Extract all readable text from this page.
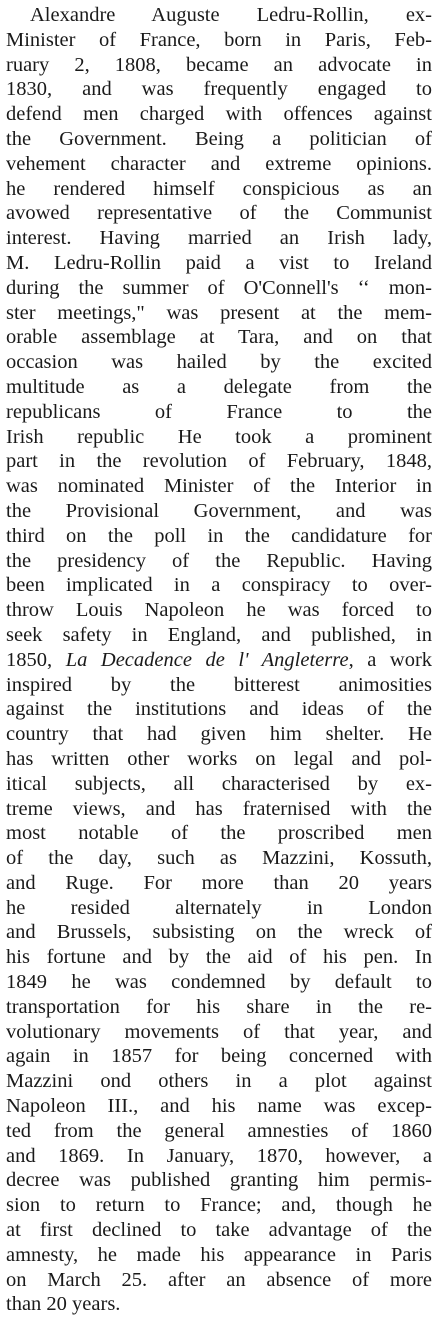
Alexandre Auguste Ledru-Rollin, ex-
Minister of France, born in Paris, Feb-
ruary 2, 1808, became an advocate in
1830, and was frequently engaged to
defend men charged with offences against
the Government. Being a politician of
vehement character and extreme opinions.
he rendered himself conspicious as an
avowed representative of the Communist
interest. Having married an Irish lady,
M. Ledru-Rollin paid a vist to Ireland
during the summer of O'Connell's ‘‘ mon-
ster meetings," was present at the mem-
orable assemblage at Tara, and on that
occasion was hailed by the excited
multitude as a delegate from the
republicans of France to the
Irish republic He took a prominent
part in the revolution of February, 1848,
was nominated Minister of the Interior in
the Provisional Government, and was
third on the poll in the candidature for
the presidency of the Republic. Having
been implicated in a conspiracy to over-
throw Louis Napoleon he was forced to
seek safety in England, and published, in
1850, La Decadence de l' Angleterre, a work
inspired by the bitterest animosities
against the institutions and ideas of the
country that had given him shelter. He
has written other works on legal and pol-
itical subjects, all characterised by ex-
treme views, and has fraternised with the
most notable of the proscribed men
of the day, such as Mazzini, Kossuth,
and Ruge. For more than 20 years
he resided alternately in London
and Brussels, subsisting on the wreck of
his fortune and by the aid of his pen. In
1849 he was condemned by default to
transportation for his share in the re-
volutionary movements of that year, and
again in 1857 for being concerned with
Mazzini ond others in a plot against
Napoleon III., and his name was excep-
ted from the general amnesties of 1860
and 1869. In January, 1870, however, a
decree was published granting him permis-
sion to return to France; and, though he
at first declined to take advantage of the
amnesty, he made his appearance in Paris
on March 25. after an absence of more
than 20 years.
